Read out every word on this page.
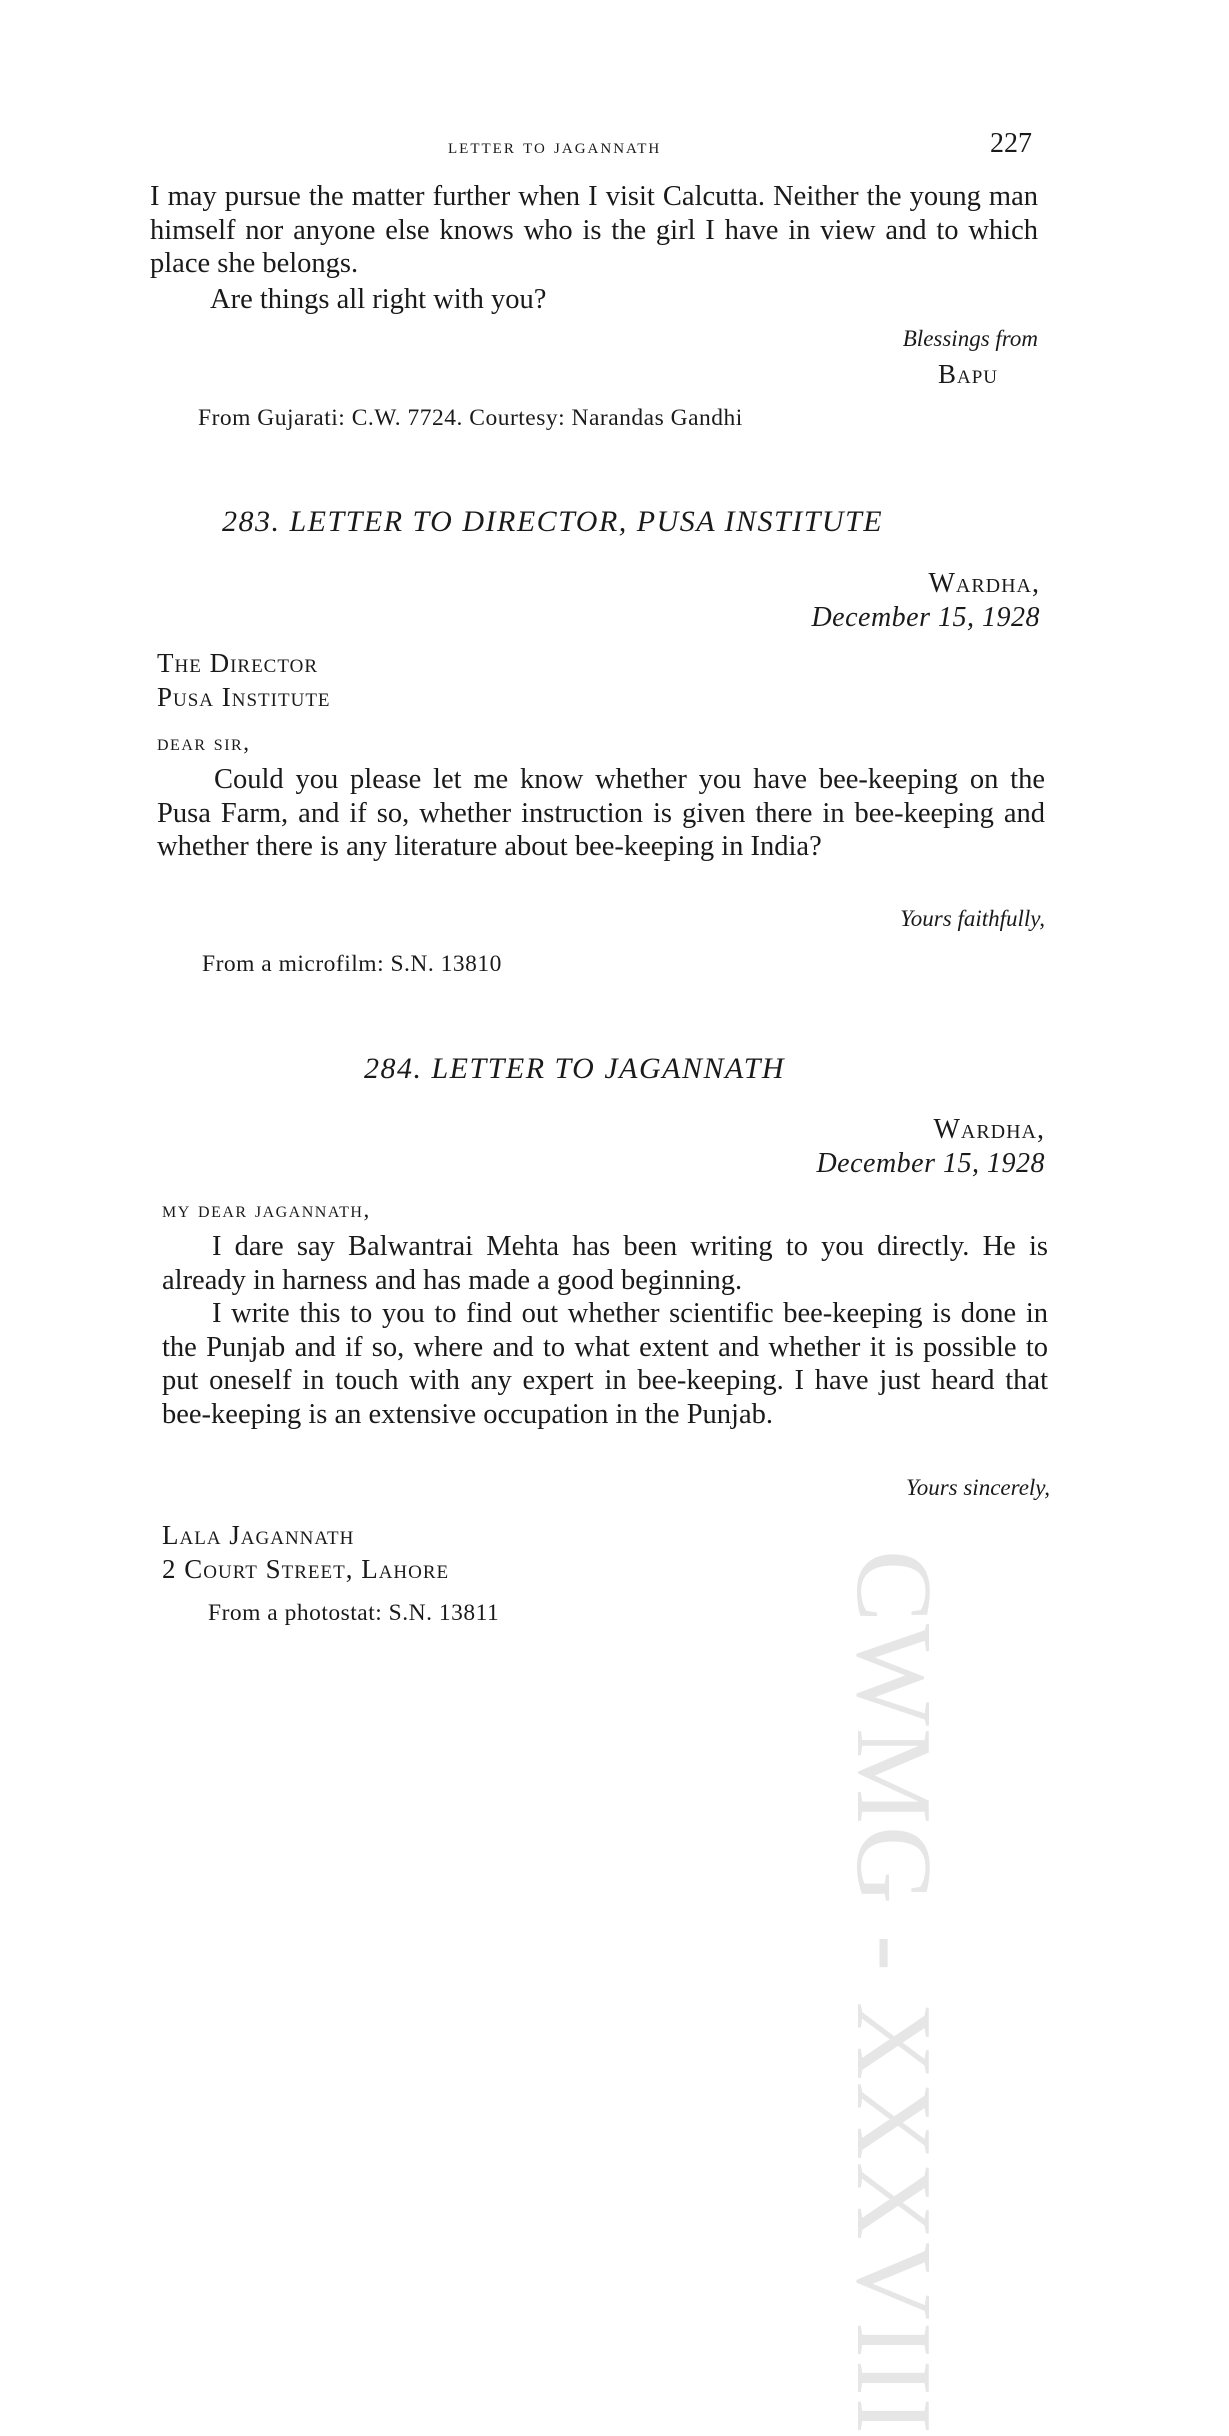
CWMG - XXXVIII
letter to jagannath	227
I may pursue the matter further when I visit Calcutta. Neither the young man himself nor anyone else knows who is the girl I have in view and to which place she belongs.
Are things all right with you?
Blessings from
Bapu
From Gujarati: C.W. 7724. Courtesy: Narandas Gandhi
283. LETTER TO DIRECTOR, PUSA INSTITUTE
Wardha,
December 15, 1928
The Director
Pusa Institute
dear sir,
Could you please let me know whether you have bee-keeping on the Pusa Farm, and if so, whether instruction is given there in bee-keeping and whether there is any literature about bee-keeping in India?
Yours faithfully,
From a microfilm: S.N. 13810
284. LETTER TO JAGANNATH
Wardha,
December 15, 1928
my dear jagannath,
I dare say Balwantrai Mehta has been writing to you directly. He is already in harness and has made a good beginning.
I write this to you to find out whether scientific bee-keeping is done in the Punjab and if so, where and to what extent and whether it is possible to put oneself in touch with any expert in bee-keeping. I have just heard that bee-keeping is an extensive occupation in the Punjab.
Yours sincerely,
Lala Jagannath
2 Court Street, Lahore
From a photostat: S.N. 13811
